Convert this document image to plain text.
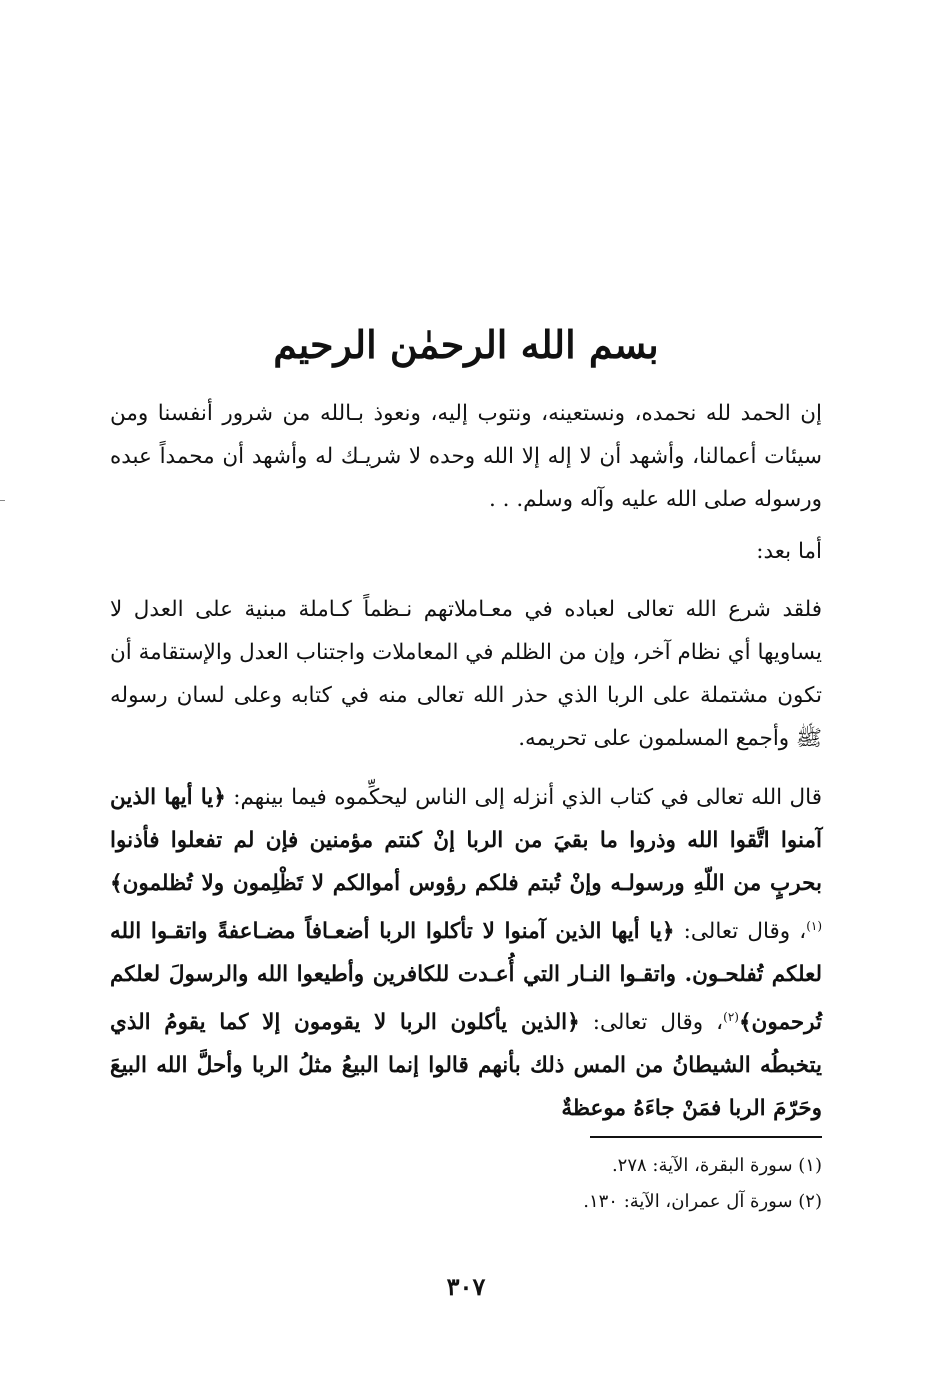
بسم الله الرحمٰن الرحيم

إن الحمد لله نحمده، ونستعينه، ونتوب إليه، ونعوذ بـالله من شرور أنفسنا ومن سيئات أعمالنا، وأشهد أن لا إله إلا الله وحده لا شريـك له وأشهد أن محمداً عبده ورسوله صلى الله عليه وآله وسلم. . .

أما بعد:

فلقد شرع الله تعالى لعباده في معـاملاتهم نـظماً كـاملة مبنية على العدل لا يساويها أي نظام آخر، وإن من الظلم في المعاملات واجتناب العدل والإستقامة أن تكون مشتملة على الربا الذي حذر الله تعالى منه في كتابه وعلى لسان رسوله ﷺ وأجمع المسلمون على تحريمه.

قال الله تعالى في كتاب الذي أنزله إلى الناس ليحكِّموه فيما بينهم: ﴿يا أيها الذين آمنوا اتَّقوا الله وذروا ما بقيَ من الربا إنْ كنتم مؤمنين فإن لم تفعلوا فأذنوا بحربٍ من اللّهِ ورسولـه وإنْ تُبتم فلكم رؤوس أموالكم لا تَظْلِمون ولا تُظلمون﴾$^{(١)}$، وقال تعالى: ﴿يا أيها الذين آمنوا لا تأكلوا الربا أضعـافاً مضـاعفةً واتقـوا الله لعلكم تُفلحـون. واتقـوا النـار التي أُعـدت للكافرين وأطيعوا الله والرسولَ لعلكم تُرحمون﴾$^{(٢)}$، وقال تعالى: ﴿الذين يأكلون الربا لا يقومون إلا كما يقومُ الذي يتخبطُه الشيطانُ من المس ذلك بأنهم قالوا إنما البيعُ مثلُ الربا وأحلَّ الله البيعَ وحَرّمَ الربا فمَنْ جاءَهُ موعظةٌ

(١) سورة البقرة، الآية: ٢٧٨.
(٢) سورة آل عمران، الآية: ١٣٠.
٣٠٧
